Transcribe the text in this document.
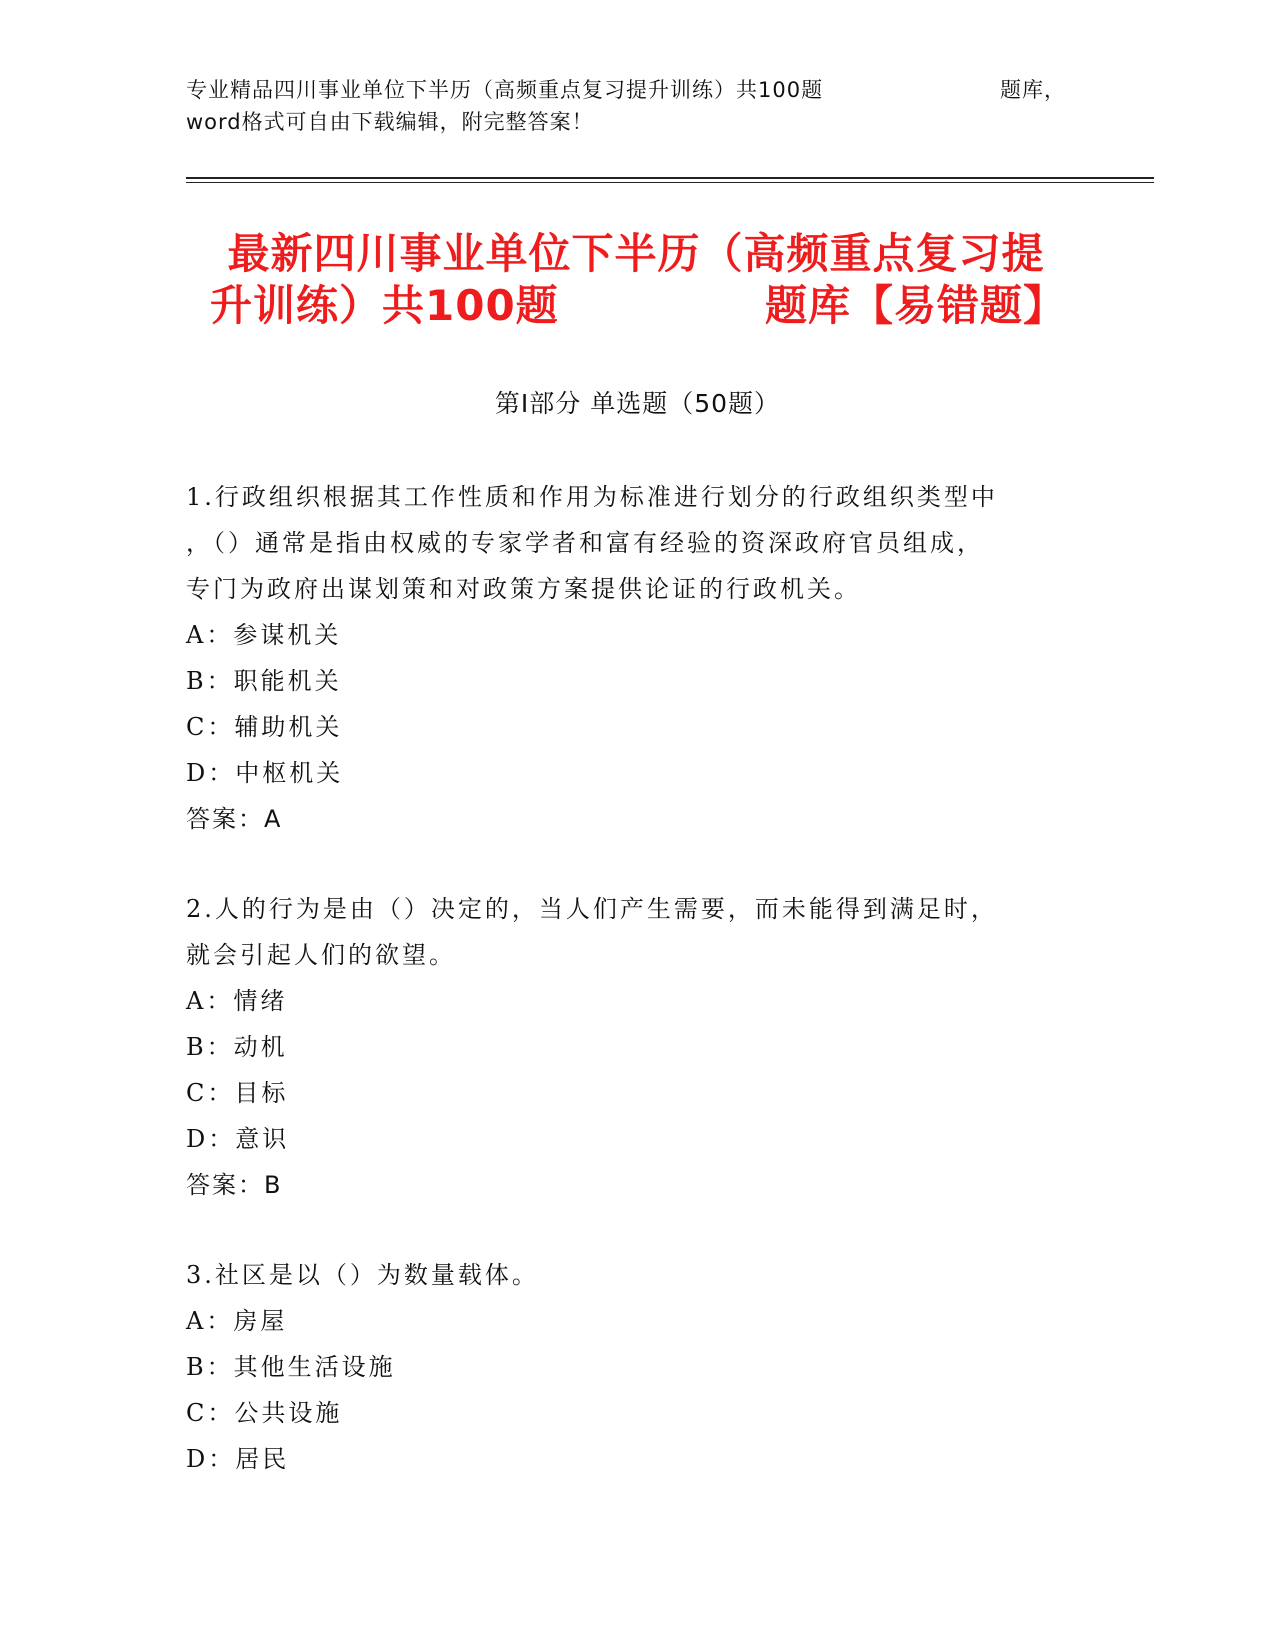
专业精品四川事业单位下半历（高频重点复习提升训练）共100题	题库，
word格式可自由下载编辑，附完整答案！
最新四川事业单位下半历（高频重点复习提
升训练）共100题	题库【易错题】
第Ⅰ部分 单选题（50题）
1.行政组织根据其工作性质和作用为标准进行划分的行政组织类型中
，（）通常是指由权威的专家学者和富有经验的资深政府官员组成，
专门为政府出谋划策和对政策方案提供论证的行政机关。
A：参谋机关
B：职能机关
C：辅助机关
D：中枢机关
答案：A
2.人的行为是由（）决定的，当人们产生需要，而未能得到满足时，
就会引起人们的欲望。
A：情绪
B：动机
C：目标
D：意识
答案：B
3.社区是以（）为数量载体。
A：房屋
B：其他生活设施
C：公共设施
D：居民
